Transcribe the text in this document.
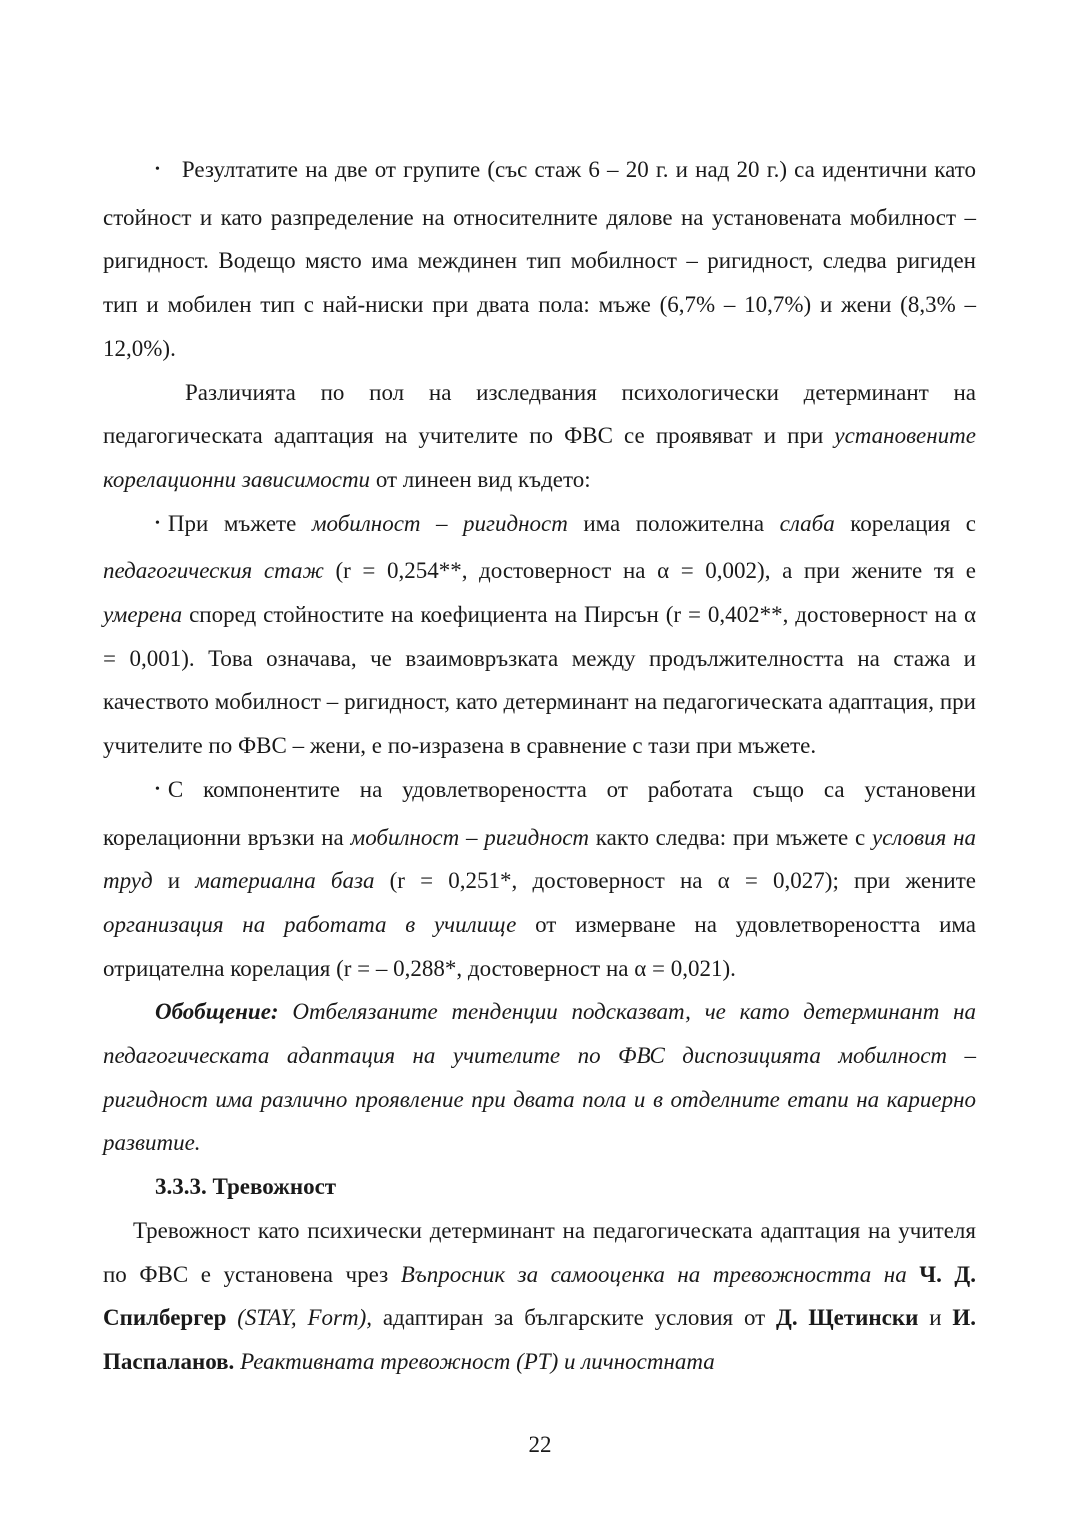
• Резултатите на две от групите (със стаж 6 – 20 г. и над 20 г.) са идентични като стойност и като разпределение на относителните дялове на установената мобилност – ригидност. Водещо място има междинен тип мобилност – ригидност, следва ригиден тип и мобилен тип с най-ниски при двата пола: мъже (6,7% – 10,7%) и жени (8,3% – 12,0%).

Различията по пол на изследвания психологически детерминант на педагогическата адаптация на учителите по ФВС се проявяват и при установените корелационни зависимости от линеен вид където:

• При мъжете мобилност – ригидност има положителна слаба корелация с педагогическия стаж (r = 0,254**, достоверност на α = 0,002), а при жените тя е умерена според стойностите на коефициента на Пирсън (r = 0,402**, достоверност на α = 0,001). Това означава, че взаимовръзката между продължителността на стажа и качеството мобилност – ригидност, като детерминант на педагогическата адаптация, при учителите по ФВС – жени, е по-изразена в сравнение с тази при мъжете.

• С компонентите на удовлетвореността от работата също са установени корелационни връзки на мобилност – ригидност както следва: при мъжете с условия на труд и материална база (r = 0,251*, достоверност на α = 0,027); при жените организация на работата в училище от измерване на удовлетвореността има отрицателна корелация (r = – 0,288*, достоверност на α = 0,021).

Обобщение: Отбелязаните тенденции подсказват, че като детерминант на педагогическата адаптация на учителите по ФВС диспозицията мобилност – ригидност има различно проявление при двата пола и в отделните етапи на кариерно развитие.

3.3.3. Тревожност

Тревожност като психически детерминант на педагогическата адаптация на учителя по ФВС е установена чрез Въпросник за самооценка на тревожността на Ч. Д. Спилбергер (STAY, Form), адаптиран за българските условия от Д. Щетински и И. Паспаланов. Реактивната тревожност (РТ) и личностната

22
